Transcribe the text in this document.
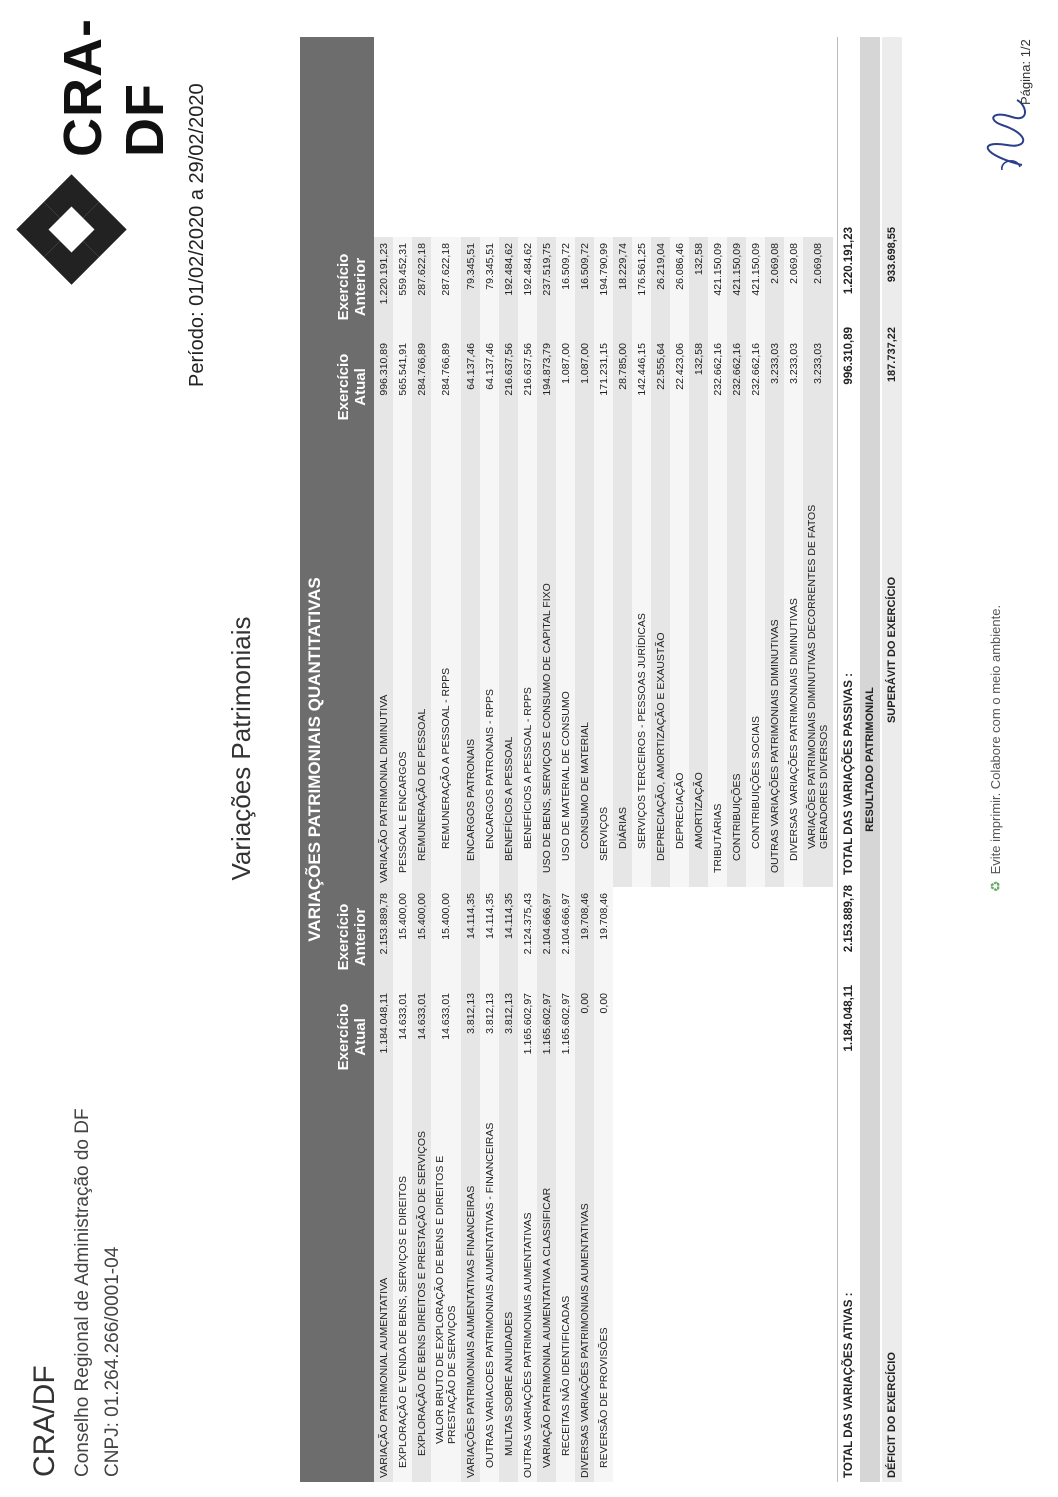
CRA/DF Conselho Regional de Administração do DF CNPJ: 01.264.266/0001-04
CRA-DF Período: 01/02/2020 a 29/02/2020
Variações Patrimoniais	VARIAÇÕES PATRIMONIAIS QUANTITATIVAS
Exercício Atual
Exercício Anterior
Exercício Atual
Exercício Anterior
VARIAÇÃO PATRIMONIAL AUMENTATIVA
1.184.048,11
2.153.889,78
EXPLORAÇÃO E VENDA DE BENS, SERVIÇOS E DIREITOS
14.633,01
15.400,00
EXPLORAÇÃO DE BENS DIREITOS E PRESTAÇÃO DE SERVIÇOS
14.633,01
15.400,00
VALOR BRUTO DE EXPLORAÇÃO DE BENS E DIREITOS E PRESTAÇÃO DE SERVIÇOS
14.633,01
15.400,00
VARIAÇÕES PATRIMONIAIS AUMENTATIVAS FINANCEIRAS
3.812,13
14.114,35
OUTRAS VARIACOES PATRIMONIAIS AUMENTATIVAS - FINANCEIRAS
3.812,13
14.114,35
MULTAS SOBRE ANUIDADES
3.812,13
14.114,35
OUTRAS VARIAÇÕES PATRIMONIAIS AUMENTATIVAS
1.165.602,97
2.124.375,43
VARIAÇÃO PATRIMONIAL AUMENTATIVA A CLASSIFICAR
1.165.602,97
2.104.666,97
RECEITAS NÃO IDENTIFICADAS
1.165.602,97
2.104.666,97
DIVERSAS VARIAÇÕES PATRIMONIAIS AUMENTATIVAS
0,00
19.708,46
REVERSÃO DE PROVISÕES
0,00
19.708,46
VARIAÇÃO PATRIMONIAL DIMINUTIVA
996.310,89
1.220.191,23
PESSOAL E ENCARGOS
565.541,91
559.452,31
REMUNERAÇÃO DE PESSOAL
284.766,89
287.622,18
REMUNERAÇÃO A PESSOAL - RPPS
284.766,89
287.622,18
ENCARGOS PATRONAIS
64.137,46
79.345,51
ENCARGOS PATRONAIS - RPPS
64.137,46
79.345,51
BENEFÍCIOS A PESSOAL
216.637,56
192.484,62
BENEFÍCIOS A PESSOAL - RPPS
216.637,56
192.484,62
USO DE BENS, SERVIÇOS E CONSUMO DE CAPITAL FIXO
194.873,79
237.519,75
USO DE MATERIAL DE CONSUMO
1.087,00
16.509,72
CONSUMO DE MATERIAL
1.087,00
16.509,72
SERVIÇOS
171.231,15
194.790,99
DIÁRIAS
28.785,00
18.229,74
SERVIÇOS TERCEIROS - PESSOAS JURÍDICAS
142.446,15
176.561,25
DEPRECIAÇÃO, AMORTIZAÇÃO E EXAUSTÃO
22.555,64
26.219,04
DEPRECIAÇÃO
22.423,06
26.086,46
AMORTIZAÇÃO
132,58
132,58
TRIBUTÁRIAS
232.662,16
421.150,09
CONTRIBUIÇÕES
232.662,16
421.150,09
CONTRIBUIÇÕES SOCIAIS
232.662,16
421.150,09
OUTRAS VARIAÇÕES PATRIMONIAIS DIMINUTIVAS
3.233,03
2.069,08
DIVERSAS VARIAÇÕES PATRIMONIAIS DIMINUTIVAS
3.233,03
2.069,08
VARIAÇÕES PATRIMONIAIS DIMINUTIVAS DECORRENTES DE FATOS GERADORES DIVERSOS
3.233,03
2.069,08
TOTAL DAS VARIAÇÕES ATIVAS :
1.184.048,11
2.153.889,78
TOTAL DAS VARIAÇÕES PASSIVAS :
996.310,89
1.220.191,23
RESULTADO PATRIMONIAL
DÉFICIT DO EXERCÍCIO
SUPERÁVIT DO EXERCÍCIO
187.737,22
933.698,55
♻Evite imprimir. Colabore com o meio ambiente.
Página: 1/2
